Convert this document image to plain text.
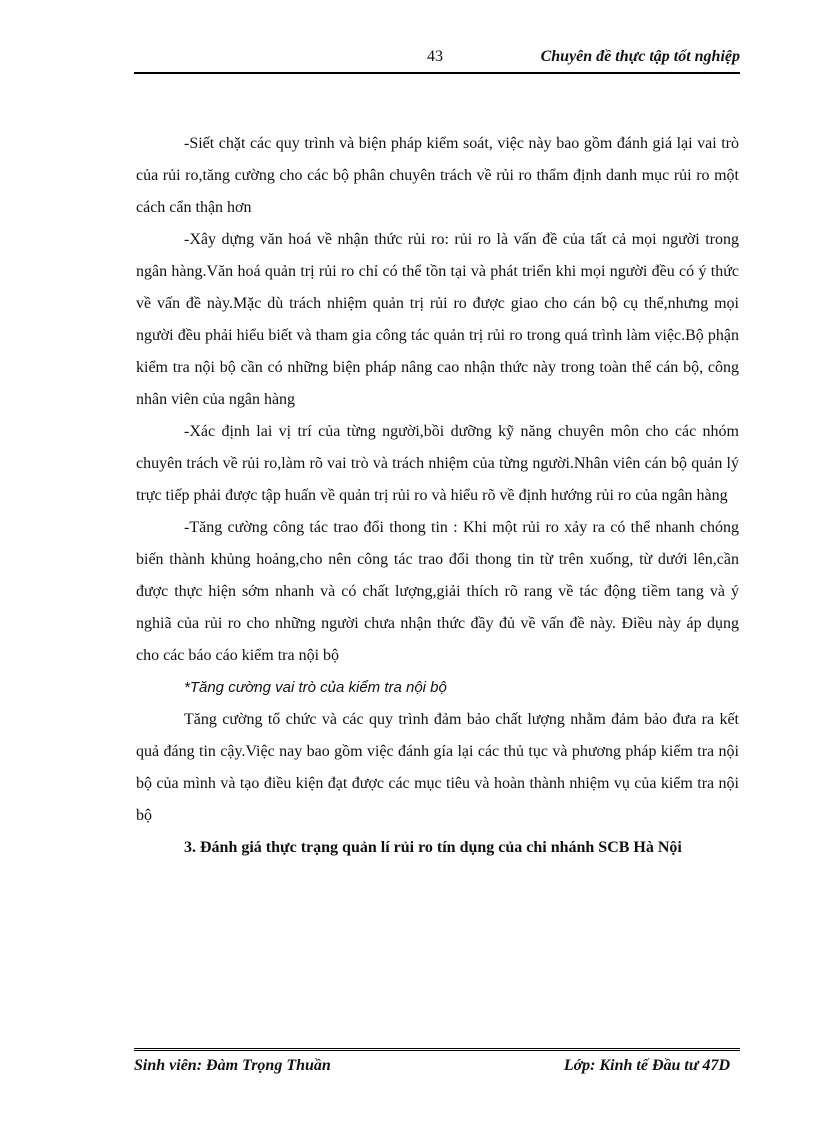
43	Chuyên đề thực tập tốt nghiệp

-Siết chặt các quy trình và biện pháp kiểm soát, việc này bao gồm đánh giá lại vai trò của rủi ro,tăng cường cho các bộ phân chuyên trách về rủi ro thẩm định danh mục rủi ro một cách cẩn thận hơn

-Xây dựng văn hoá về nhận thức rủi ro: rủi ro là vấn đề của tất cả mọi người trong ngân hàng.Văn hoá quản trị rủi ro chỉ có thể tồn tại và phát triển khi mọi người đều có ý thức về vấn đề này.Mặc dù trách nhiệm quản trị rủi ro được giao cho cán bộ cụ thể,nhưng mọi người đều phải hiểu biết và tham gia công tác quản trị rủi ro trong quá trình làm việc.Bộ phận kiểm tra nội bộ cần có những biện pháp nâng cao nhận thức này trong toàn thể cán bộ, công nhân viên của ngân hàng

-Xác định lai vị trí của từng người,bồi dưỡng kỹ năng chuyên môn cho các nhóm chuyên trách về rủi ro,làm rõ vai trò và trách nhiệm của từng người.Nhân viên cán bộ quản lý trực tiếp phải được tập huấn về quản trị rủi ro và hiểu rõ về định hướng rủi ro của ngân hàng

-Tăng cường công tác trao đổi thong tin : Khi một rủi ro xảy ra có thể nhanh chóng biến thành khủng hoảng,cho nên công tác trao đổi thong tin từ trên xuống, từ dưới lên,cần được thực hiện sớm nhanh và có chất lượng,giải thích rõ rang về tác động tiềm tang và ý nghiã của rủi ro cho những người chưa nhận thức đầy đủ về vấn đề này. Điều này áp dụng cho các báo cáo kiểm tra nội bộ

*Tăng cường vai trò của kiểm tra nội bộ

Tăng cường tổ chức và các quy trình đảm bảo chất lượng nhằm đảm bảo đưa ra kết quả đáng tin cậy.Việc nay bao gồm việc đánh gía lại các thủ tục và phương pháp kiểm tra nội bộ của mình và tạo điều kiện đạt được các mục tiêu và hoàn thành nhiệm vụ của kiểm tra nội bộ

3. Đánh giá thực trạng quản lí rủi ro tín dụng của chi nhánh SCB Hà Nội

Sinh viên: Đàm Trọng Thuần	Lớp: Kinh tế Đầu tư 47D
